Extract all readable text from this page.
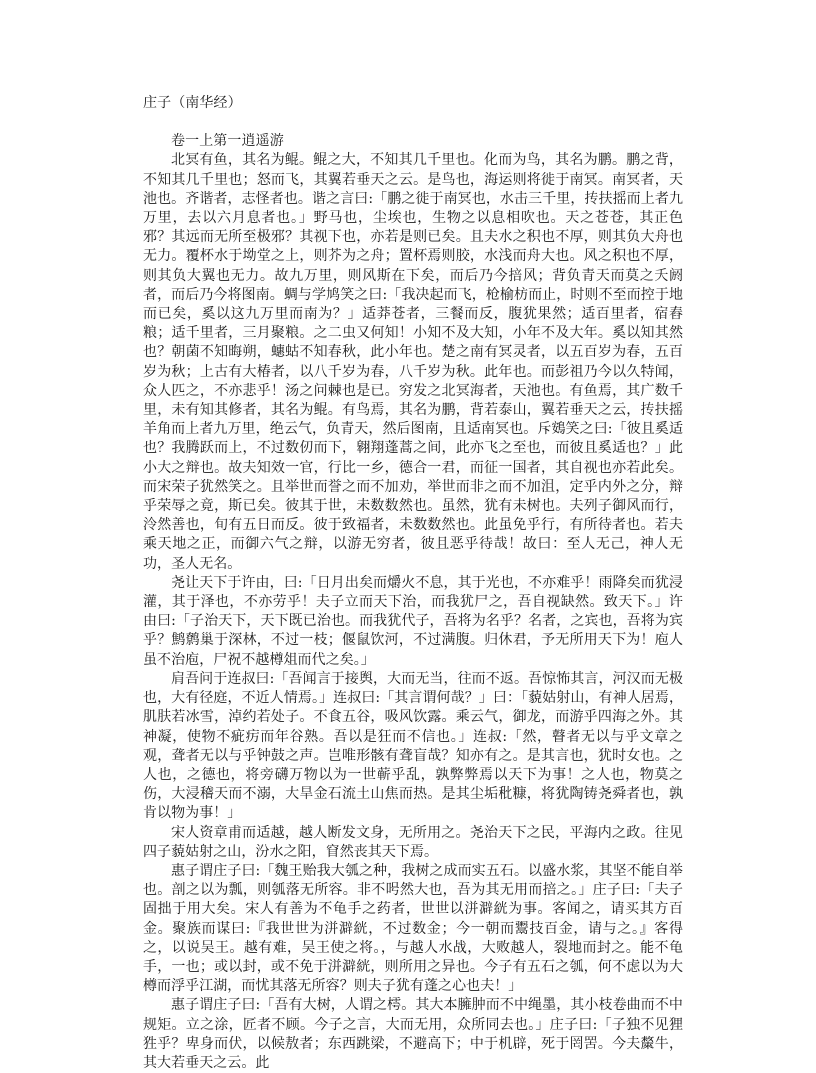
庄子（南华经）
卷一上第一逍遥游

北冥有鱼，其名为鲲。鲲之大，不知其几千里也。化而为鸟，其名为鹏。鹏之背，不知其几千里也；怒而飞，其翼若垂天之云。是鸟也，海运则将徙于南冥。南冥者，天池也。齐谐者，志怪者也。谐之言曰:「鹏之徙于南冥也，水击三千里，抟扶摇而上者九万里，去以六月息者也。」野马也，尘埃也，生物之以息相吹也。天之苍苍，其正色邪？其远而无所至极邪？其视下也，亦若是则已矣。且夫水之积也不厚，则其负大舟也无力。覆杯水于坳堂之上，则芥为之舟；置杯焉则胶，水浅而舟大也。风之积也不厚，则其负大翼也无力。故九万里，则风斯在下矣，而后乃今掊风；背负青天而莫之夭阏者，而后乃今将图南。蜩与学鸠笑之曰:「我决起而飞，枪榆枋而止，时则不至而控于地而已矣，奚以这九万里而南为？」适莽苍者，三餐而反，腹犹果然；适百里者，宿舂粮；适千里者，三月聚粮。之二虫又何知！小知不及大知，小年不及大年。奚以知其然也？朝菌不知晦朔，蟪蛄不知春秋，此小年也。楚之南有冥灵者，以五百岁为春，五百岁为秋；上古有大椿者，以八千岁为春，八千岁为秋。此年也。而彭祖乃今以久特闻，众人匹之，不亦悲乎！汤之问棘也是已。穷发之北冥海者，天池也。有鱼焉，其广数千里，未有知其修者，其名为鲲。有鸟焉，其名为鹏，背若泰山，翼若垂天之云，抟扶摇羊角而上者九万里，绝云气，负青天，然后图南，且适南冥也。斥鴳笑之曰:「彼且奚适也？我腾跃而上，不过数仞而下，翱翔蓬蒿之间，此亦飞之至也，而彼且奚适也？」此小大之辩也。故夫知效一官，行比一乡，德合一君，而征一国者，其自视也亦若此矣。而宋荣子犹然笑之。且举世而誉之而不加劝，举世而非之而不加沮，定乎内外之分，辩乎荣辱之竟，斯已矣。彼其于世，未数数然也。虽然，犹有未树也。夫列子御风而行，泠然善也，旬有五日而反。彼于致福者，未数数然也。此虽免乎行，有所待者也。若夫乘天地之正，而御六气之辩，以游无穷者，彼且恶乎待哉！故曰：至人无己，神人无功，圣人无名。

尧让天下于许由，曰:「日月出矣而爝火不息，其于光也，不亦难乎！雨降矣而犹浸灌，其于泽也，不亦劳乎！夫子立而天下治，而我犹尸之，吾自视缺然。致天下。」许由曰:「子治天下，天下既已治也。而我犹代子，吾将为名乎？名者，之宾也，吾将为宾乎？鹪鹩巢于深林，不过一枝；偃鼠饮河，不过满腹。归休君，予无所用天下为！庖人虽不治庖，尸祝不越樽俎而代之矣。」

肩吾问于连叔曰:「吾闻言于接舆，大而无当，往而不返。吾惊怖其言，河汉而无极也，大有径庭，不近人情焉。」连叔曰:「其言谓何哉？」曰：「藐姑射山，有神人居焉，肌肤若冰雪，淖约若处子。不食五谷，吸风饮露。乘云气，御龙，而游乎四海之外。其神凝，使物不疵疠而年谷熟。吾以是狂而不信也。」连叔:「然，瞽者无以与乎文章之观，聋者无以与乎钟鼓之声。岂唯形骸有聋盲哉？知亦有之。是其言也，犹时女也。之人也，之德也，将旁礴万物以为一世蕲乎乱，孰弊弊焉以天下为事！之人也，物莫之伤，大浸稽天而不溺，大旱金石流土山焦而热。是其尘垢秕糠，将犹陶铸尧舜者也，孰肯以物为事！」

宋人资章甫而适越，越人断发文身，无所用之。尧治天下之民，平海内之政。往见四子藐姑射之山，汾水之阳，窅然丧其天下焉。

惠子谓庄子曰:「魏王贻我大瓠之种，我树之成而实五石。以盛水浆，其坚不能自举也。剖之以为瓢，则瓠落无所容。非不呺然大也，吾为其无用而掊之。」庄子曰:「夫子固拙于用大矣。宋人有善为不龟手之药者，世世以洴澼絖为事。客闻之，请买其方百金。聚族而谋曰:『我世世为洴澼絖，不过数金；今一朝而鬻技百金，请与之。』客得之，以说吴王。越有难，吴王使之将。，与越人水战，大败越人，裂地而封之。能不龟手，一也；或以封，或不免于洴澼絖，则所用之异也。今子有五石之瓠，何不虑以为大樽而浮乎江湖，而忧其落无所容？则夫子犹有蓬之心也夫！」

惠子谓庄子曰:「吾有大树，人谓之樗。其大本臃肿而不中绳墨，其小枝卷曲而不中规矩。立之涂，匠者不顾。今子之言，大而无用，众所同去也。」庄子曰:「子独不见狸狌乎？卑身而伏，以候敖者；东西跳梁，不避高下；中于机辟，死于罔罟。今夫斄牛，其大若垂天之云。此
